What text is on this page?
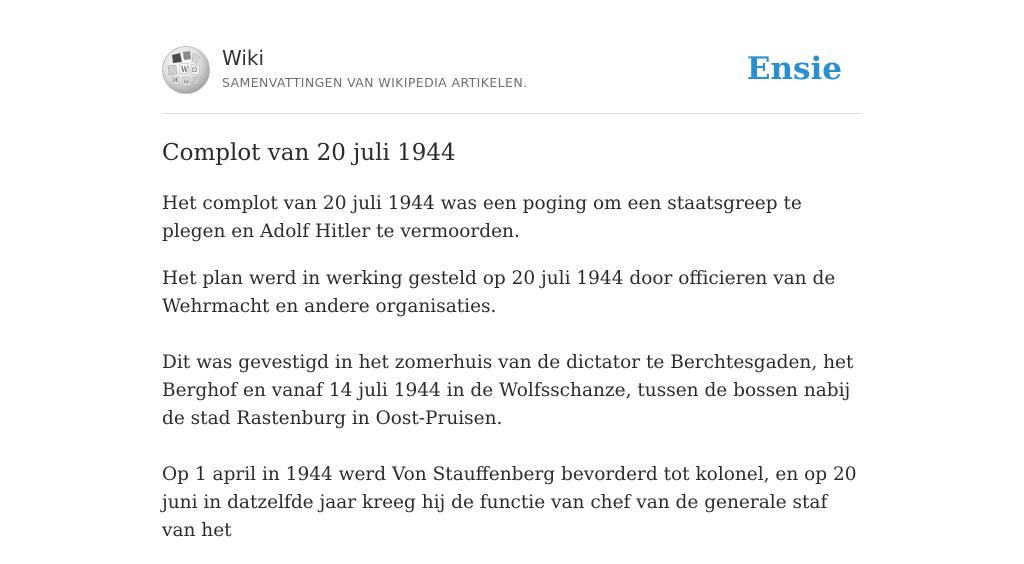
W Ω
И ω
Wiki
SAMENVATTINGEN VAN WIKIPEDIA ARTIKELEN.	Ensie
Complot van 20 juli 1944

Het complot van 20 juli 1944 was een poging om een staatsgreep te plegen en Adolf Hitler te vermoorden.

Het plan werd in werking gesteld op 20 juli 1944 door officieren van de Wehrmacht en andere organisaties.

Dit was gevestigd in het zomerhuis van de dictator te Berchtesgaden, het Berghof en vanaf 14 juli 1944 in de Wolfsschanze, tussen de bossen nabij de stad Rastenburg in Oost-Pruisen.

Op 1 april in 1944 werd Von Stauffenberg bevorderd tot kolonel, en op 20 juni in datzelfde jaar kreeg hij de functie van chef van de generale staf van het
